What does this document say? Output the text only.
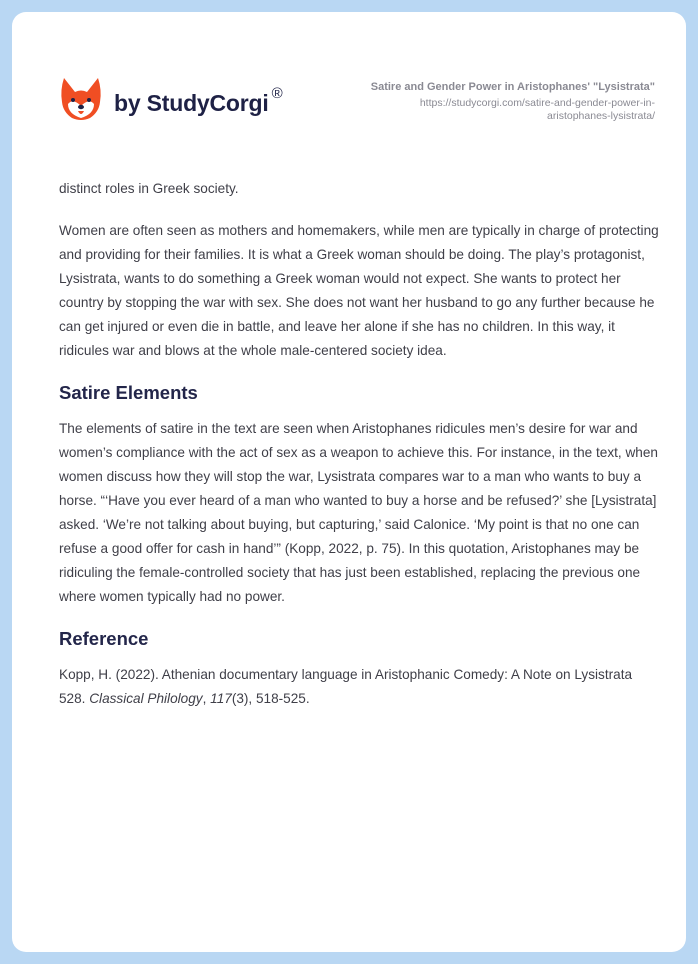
by StudyCorgi ®	Satire and Gender Power in Aristophanes' "Lysistrata"
https://studycorgi.com/satire-and-gender-power-in-
aristophanes-lysistrata/

distinct roles in Greek society.

Women are often seen as mothers and homemakers, while men are typically in charge of protecting and providing for their families. It is what a Greek woman should be doing. The play’s protagonist, Lysistrata, wants to do something a Greek woman would not expect. She wants to protect her country by stopping the war with sex. She does not want her husband to go any further because he can get injured or even die in battle, and leave her alone if she has no children. In this way, it ridicules war and blows at the whole male-centered society idea.

Satire Elements

The elements of satire in the text are seen when Aristophanes ridicules men’s desire for war and women’s compliance with the act of sex as a weapon to achieve this. For instance, in the text, when women discuss how they will stop the war, Lysistrata compares war to a man who wants to buy a horse. “‘Have you ever heard of a man who wanted to buy a horse and be refused?’ she [Lysistrata] asked. ‘We’re not talking about buying, but capturing,’ said Calonice. ‘My point is that no one can refuse a good offer for cash in hand’” (Kopp, 2022, p. 75). In this quotation, Aristophanes may be ridiculing the female-controlled society that has just been established, replacing the previous one where women typically had no power.

Reference

Kopp, H. (2022). Athenian documentary language in Aristophanic Comedy: A Note on Lysistrata 528. Classical Philology, 117(3), 518-525.
